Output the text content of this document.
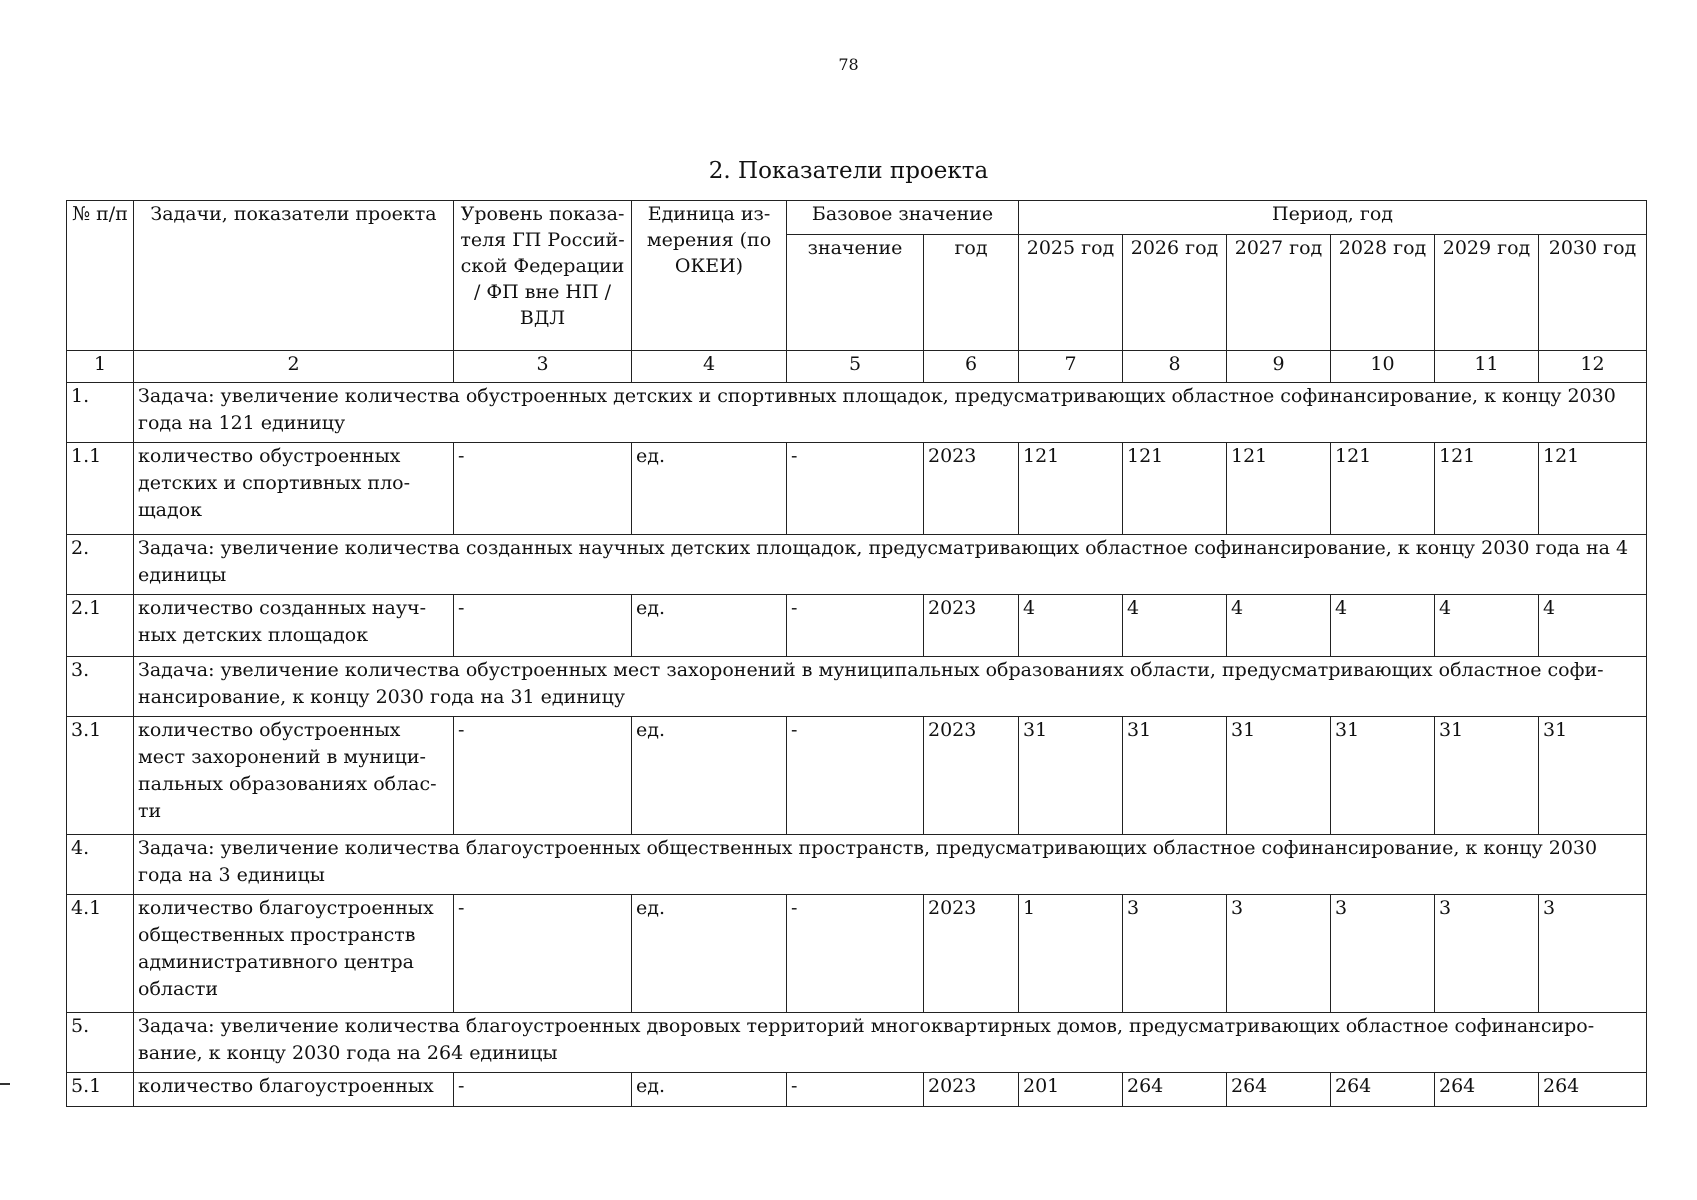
78
2. Показатели проекта
№ п/п	Задачи, показатели проекта	Уровень показа-теля ГП Россий-ской Федерации / ФП вне НП / ВДЛ	Единица из-мерения (по ОКЕИ)	Базовое значение		Период, год					
				значение	год	2025 год	2026 год	2027 год	2028 год	2029 год	2030 год
1	2	3	4	5	6	7	8	9	10	11	12
1.	Задача: увеличение количества обустроенных детских и спортивных площадок, предусматривающих областное софинансирование, к концу 2030 года на 121 единицу										
1.1	количество обустроенных детских и спортивных пло-щадок	-	ед.	-	2023	121	121	121	121	121	121
2.	Задача: увеличение количества созданных научных детских площадок, предусматривающих областное софинансирование, к концу 2030 года на 4 единицы										
2.1	количество созданных науч-ных детских площадок	-	ед.	-	2023	4	4	4	4	4	4
3.	Задача: увеличение количества обустроенных мест захоронений в муниципальных образованиях области, предусматривающих областное софи-нансирование, к концу 2030 года на 31 единицу										
3.1	количество обустроенных мест захоронений в муници-пальных образованиях облас-ти	-	ед.	-	2023	31	31	31	31	31	31
4.	Задача: увеличение количества благоустроенных общественных пространств, предусматривающих областное софинансирование, к концу 2030 года на 3 единицы										
4.1	количество благоустроенных общественных пространств административного центра области	-	ед.	-	2023	1	3	3	3	3	3
5.	Задача: увеличение количества благоустроенных дворовых территорий многоквартирных домов, предусматривающих областное софинансиро-вание, к концу 2030 года на 264 единицы										
5.1	количество благоустроенных	-	ед.	-	2023	201	264	264	264	264	264
